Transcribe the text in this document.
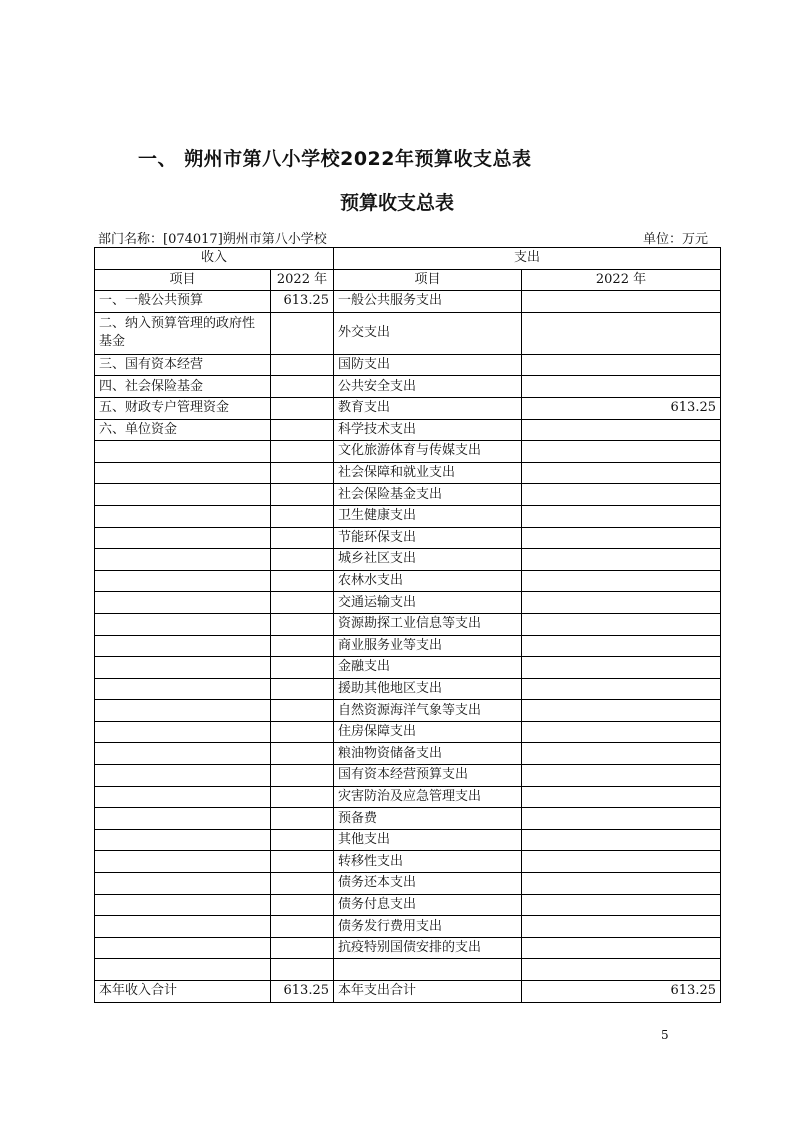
一、 朔州市第八小学校2022年预算收支总表
预算收支总表
部门名称：[074017]朔州市第八小学校	单位：万元
收入		支出	
项目	2022 年	项目	2022 年
一、一般公共预算	613.25	一般公共服务支出	
二、纳入预算管理的政府性基金		外交支出	
三、国有资本经营		国防支出	
四、社会保险基金		公共安全支出	
五、财政专户管理资金		教育支出	613.25
六、单位资金		科学技术支出	
		文化旅游体育与传媒支出	
		社会保障和就业支出	
		社会保险基金支出	
		卫生健康支出	
		节能环保支出	
		城乡社区支出	
		农林水支出	
		交通运输支出	
		资源勘探工业信息等支出	
		商业服务业等支出	
		金融支出	
		援助其他地区支出	
		自然资源海洋气象等支出	
		住房保障支出	
		粮油物资储备支出	
		国有资本经营预算支出	
		灾害防治及应急管理支出	
		预备费	
		其他支出	
		转移性支出	
		债务还本支出	
		债务付息支出	
		债务发行费用支出	
		抗疫特别国债安排的支出	

本年收入合计	613.25	本年支出合计	613.25
5
